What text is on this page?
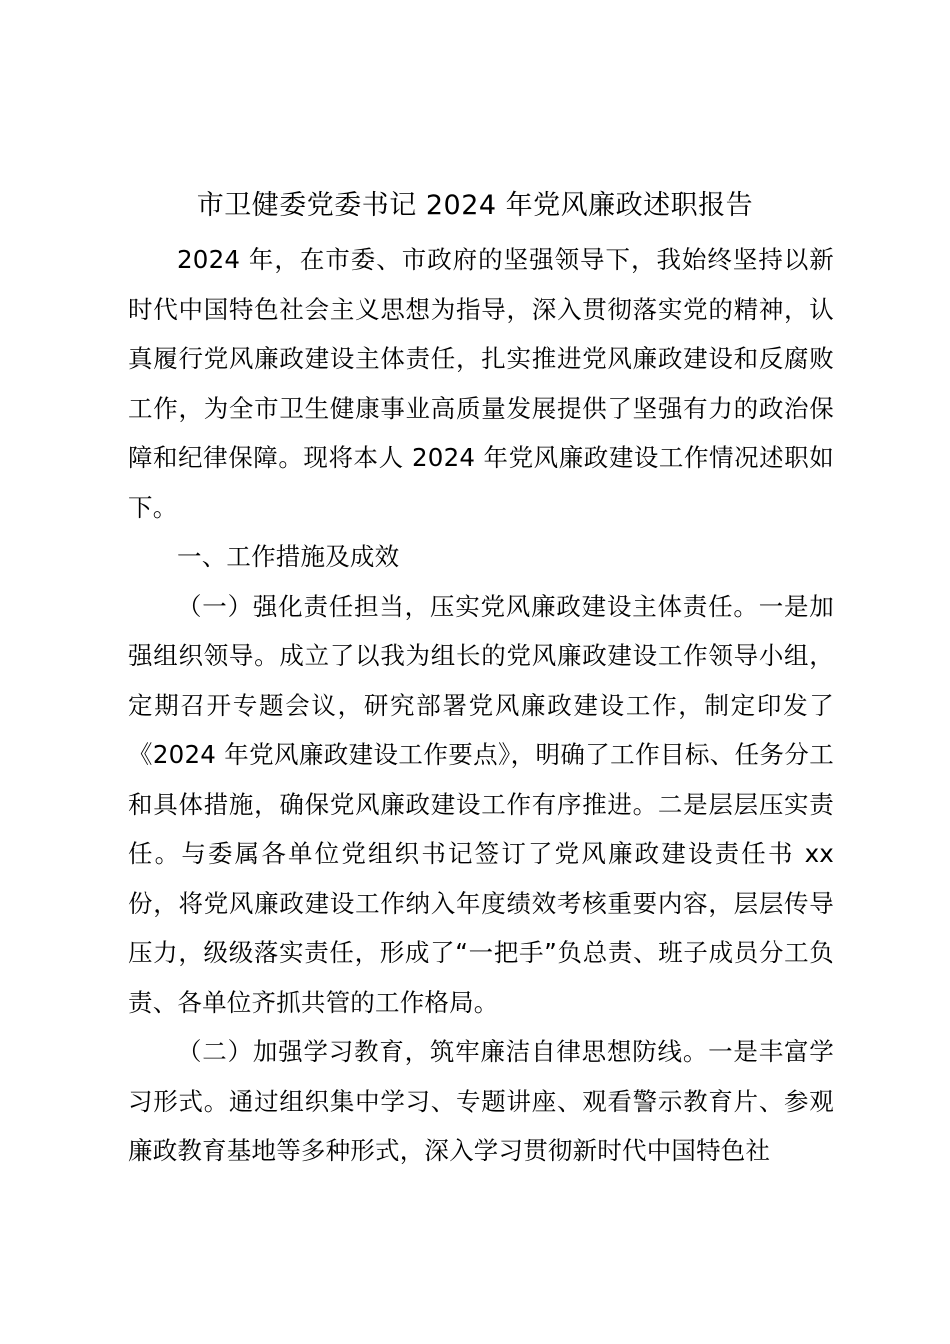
市卫健委党委书记 2024 年党风廉政述职报告

2024 年，在市委、市政府的坚强领导下，我始终坚持以新时代中国特色社会主义思想为指导，深入贯彻落实党的精神，认真履行党风廉政建设主体责任，扎实推进党风廉政建设和反腐败工作，为全市卫生健康事业高质量发展提供了坚强有力的政治保障和纪律保障。现将本人 2024 年党风廉政建设工作情况述职如下。

一、工作措施及成效

（一）强化责任担当，压实党风廉政建设主体责任。一是加强组织领导。成立了以我为组长的党风廉政建设工作领导小组，定期召开专题会议，研究部署党风廉政建设工作，制定印发了《2024 年党风廉政建设工作要点》，明确了工作目标、任务分工和具体措施，确保党风廉政建设工作有序推进。二是层层压实责任。与委属各单位党组织书记签订了党风廉政建设责任书 xx 份，将党风廉政建设工作纳入年度绩效考核重要内容，层层传导压力，级级落实责任，形成了“一把手”负总责、班子成员分工负责、各单位齐抓共管的工作格局。

（二）加强学习教育，筑牢廉洁自律思想防线。一是丰富学习形式。通过组织集中学习、专题讲座、观看警示教育片、参观廉政教育基地等多种形式，深入学习贯彻新时代中国特色社
